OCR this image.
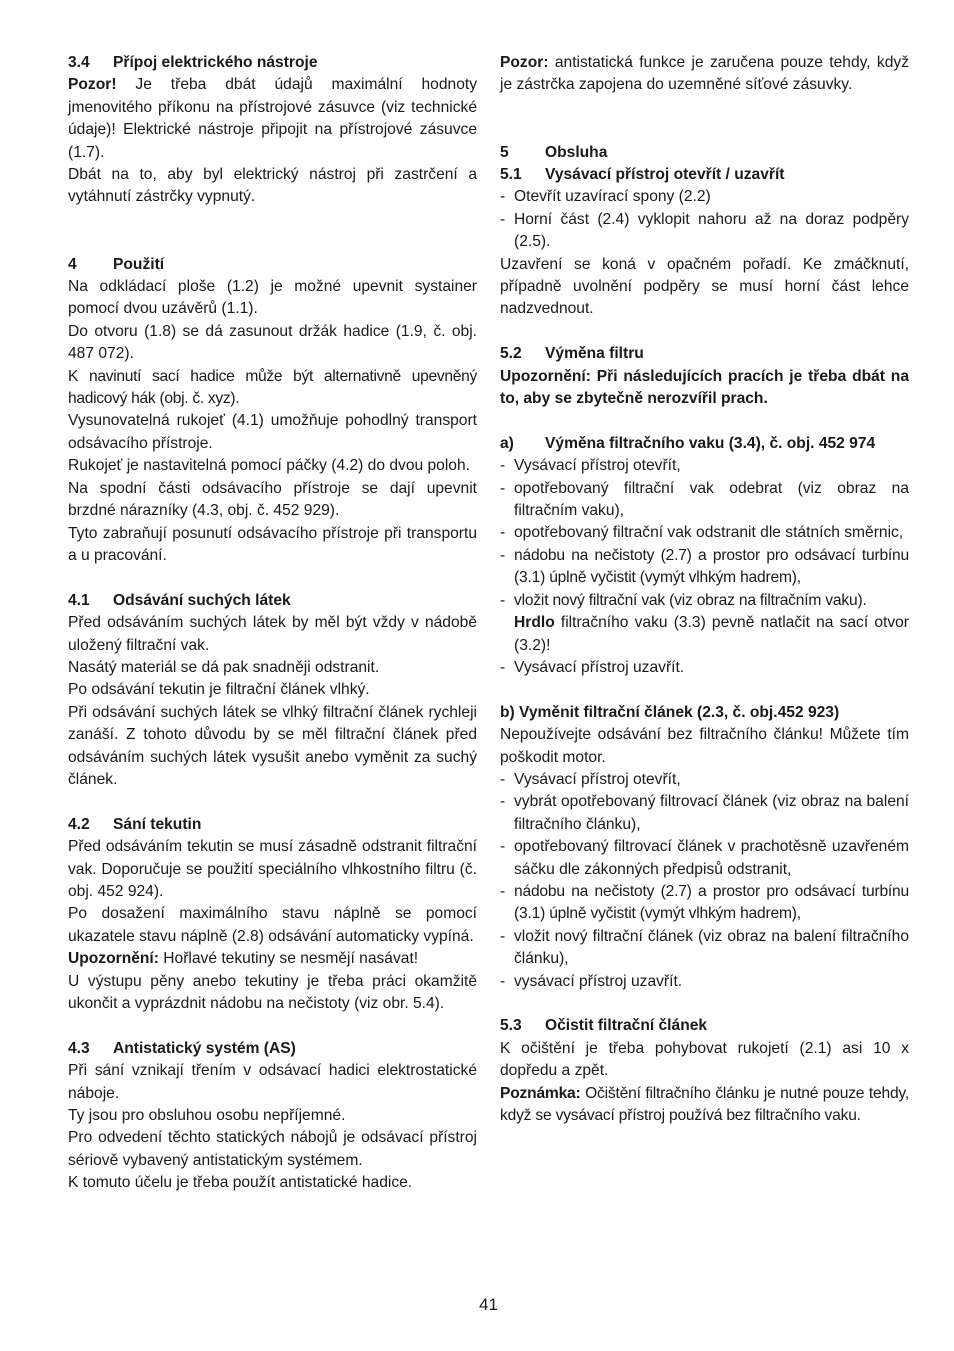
3.4	Přípoj elektrického nástroje

Pozor! Je třeba dbát údajů maximální hodnoty jmenovitého příkonu na přístrojové zásuvce (viz technické údaje)! Elektrické nástroje připojit na přístrojové zásuvce (1.7).

Dbát na to, aby byl elektrický nástroj při zastrčení a vytáhnutí zástrčky vypnutý.

4	Použití

Na odkládací ploše (1.2) je možné upevnit systainer pomocí dvou uzávěrů (1.1).

Do otvoru (1.8) se dá zasunout držák hadice (1.9, č. obj. 487 072).

K navinutí sací hadice může být alternativně upevněný hadicový hák (obj. č. xyz).

Vysunovatelná rukojeť (4.1) umožňuje pohodlný transport odsávacího přístroje.

Rukojeť je nastavitelná pomocí páčky (4.2) do dvou poloh.

Na spodní části odsávacího přístroje se dají upevnit brzdné nárazníky (4.3, obj. č. 452 929).

Tyto zabraňují posunutí odsávacího přístroje při transportu a u pracování.

4.1	Odsávání suchých látek

Před odsáváním suchých látek by měl být vždy v nádobě uložený filtrační vak.

Nasátý materiál se dá pak snadněji odstranit.

Po odsávání tekutin je filtrační článek vlhký.

Při odsávání suchých látek se vlhký filtrační článek rychleji zanáší. Z tohoto důvodu by se měl filtrační článek před odsáváním suchých látek vysušit anebo vyměnit za suchý článek.

4.2	Sání tekutin

Před odsáváním tekutin se musí zásadně odstranit filtrační vak. Doporučuje se použití speciálního vlhkostního filtru (č. obj. 452 924).

Po dosažení maximálního stavu náplně se pomocí ukazatele stavu náplně (2.8) odsávání automaticky vypíná.

Upozornění: Hořlavé tekutiny se nesmějí nasávat!

U výstupu pěny anebo tekutiny je třeba práci okamžitě ukončit a vyprázdnit nádobu na nečistoty (viz obr. 5.4).

4.3	Antistatický systém (AS)

Při sání vznikají třením v odsávací hadici elektrostatické náboje.

Ty jsou pro obsluhou osobu nepříjemné.

Pro odvedení těchto statických nábojů je odsávací přístroj sériově vybavený antistatickým systémem.

K tomuto účelu je třeba použít antistatické hadice.

Pozor: antistatická funkce je zaručena pouze tehdy, když je zástrčka zapojena do uzemněné síťové zásuvky.

5	Obsluha
5.1	Vysávací přístroj otevřít / uzavřít
- Otevřít uzavírací spony (2.2)
- Horní část (2.4) vyklopit nahoru až na doraz podpěry (2.5).

Uzavření se koná v opačném pořadí. Ke zmáčknutí, případně uvolnění podpěry se musí horní část lehce nadzvednout.

5.2	Výměna filtru

Upozornění: Při následujících pracích je třeba dbát na to, aby se zbytečně nerozvířil prach.

a)	Výměna filtračního vaku (3.4), č. obj. 452 974
- Vysávací přístroj otevřít,
- opotřebovaný filtrační vak odebrat (viz obraz na filtračním vaku),
- opotřebovaný filtrační vak odstranit dle státních směrnic,
- nádobu na nečistoty (2.7) a prostor pro odsávací turbínu (3.1) úplně vyčistit (vymýt vlhkým hadrem),
- vložit nový filtrační vak (viz obraz na filtračním vaku).

Hrdlo filtračního vaku (3.3) pevně natlačit na sací otvor (3.2)!

- Vysávací přístroj uzavřít.

b) Vyměnit filtrační článek (2.3, č. obj.452 923)

Nepoužívejte odsávání bez filtračního článku! Můžete tím poškodit motor.

- Vysávací přístroj otevřít,
- vybrát opotřebovaný filtrovací článek (viz obraz na balení filtračního článku),
- opotřebovaný filtrovací článek v prachotěsně uzavřeném sáčku dle zákonných předpisů odstranit,
- nádobu na nečistoty (2.7) a prostor pro odsávací turbínu (3.1) úplně vyčistit (vymýt vlhkým hadrem),
- vložit nový filtrační článek (viz obraz na balení filtračního článku),
- vysávací přístroj uzavřít.
5.3	Očistit filtrační článek

K očištění je třeba pohybovat rukojetí (2.1) asi 10 x dopředu a zpět.

Poznámka: Očištění filtračního článku je nutné pouze tehdy, když se vysávací přístroj používá bez filtračního vaku.

41
